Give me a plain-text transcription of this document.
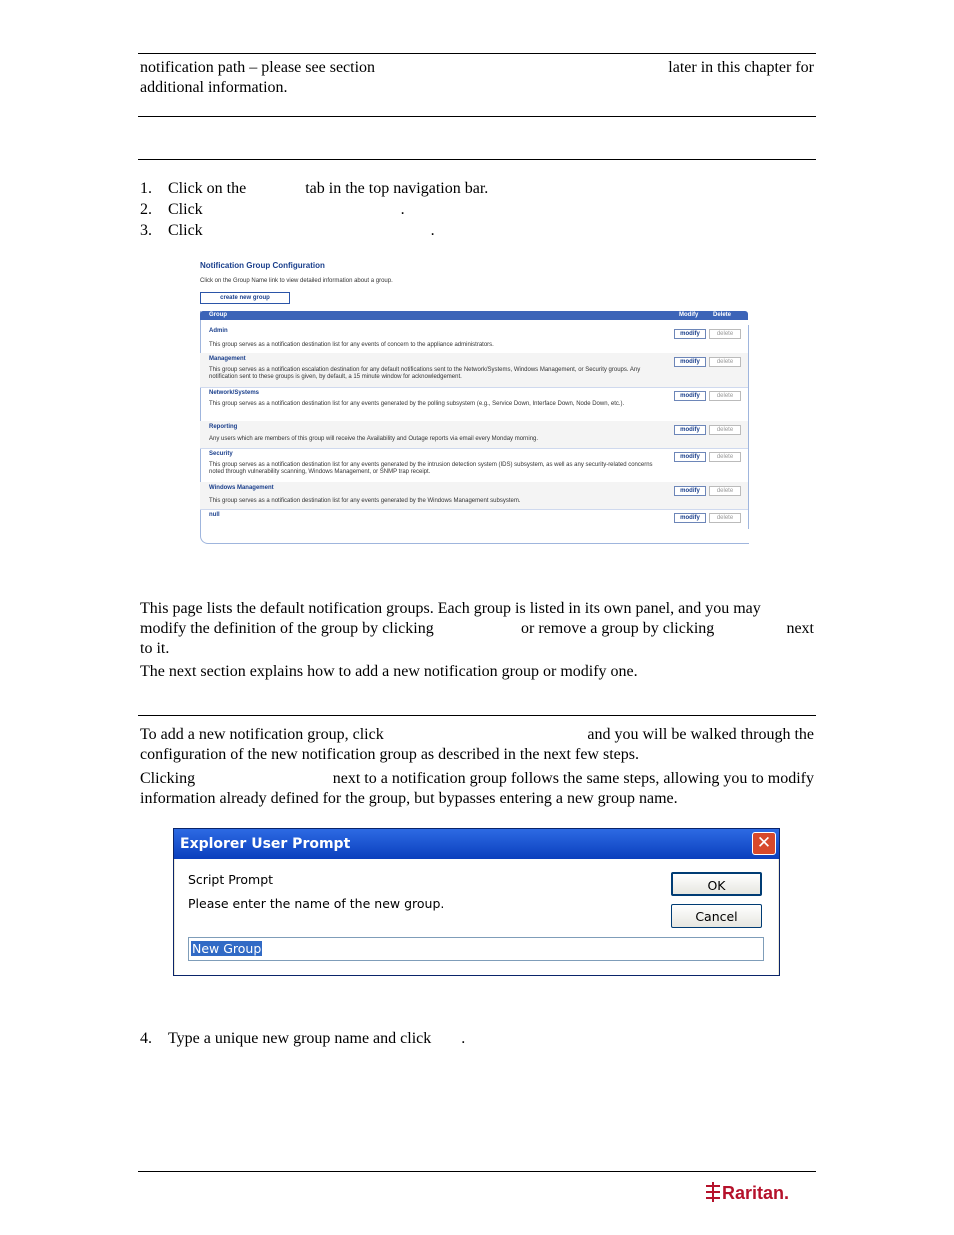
notification path – please see section	later in this chapter for
additional information.
1. Click on the	tab in the top navigation bar.
2. Click	.
3. Click	.
Notification Group Configuration
Click on the Group Name link to view detailed information about a group.
create new group
Group	Modify Delete
Admin
This group serves as a notification destination list for any events of concern to the appliance administrators.
modify	delete
Management
This group serves as a notification escalation destination for any default notifications sent to the Network/Systems, Windows Management, or Security groups. Any notification sent to these groups is given, by default, a 15 minute window for acknowledgement.
modify	delete
Network/Systems
This group serves as a notification destination list for any events generated by the polling subsystem (e.g., Service Down, Interface Down, Node Down, etc.).
modify	delete
Reporting
Any users which are members of this group will receive the Availability and Outage reports via email every Monday morning.
modify	delete
Security
This group serves as a notification destination list for any events generated by the intrusion detection system (IDS) subsystem, as well as any security-related concerns noted through vulnerability scanning, Windows Management, or SNMP trap receipt.
modify	delete
Windows Management
This group serves as a notification destination list for any events generated by the Windows Management subsystem.
modify	delete
null	modify	delete
This page lists the default notification groups. Each group is listed in its own panel, and you may
modify the definition of the group by clicking	or remove a group by clicking	next
to it.
The next section explains how to add a new notification group or modify one.
To add a new notification group, click	and you will be walked through the
configuration of the new notification group as described in the next few steps.
Clicking	next to a notification group follows the same steps, allowing you to modify
information already defined for the group, but bypasses entering a new group name.
Explorer User Prompt	✕
Script Prompt
Please enter the name of the new group.
OK
Cancel
New Group
4. Type a unique new group name and click .
Raritan.
